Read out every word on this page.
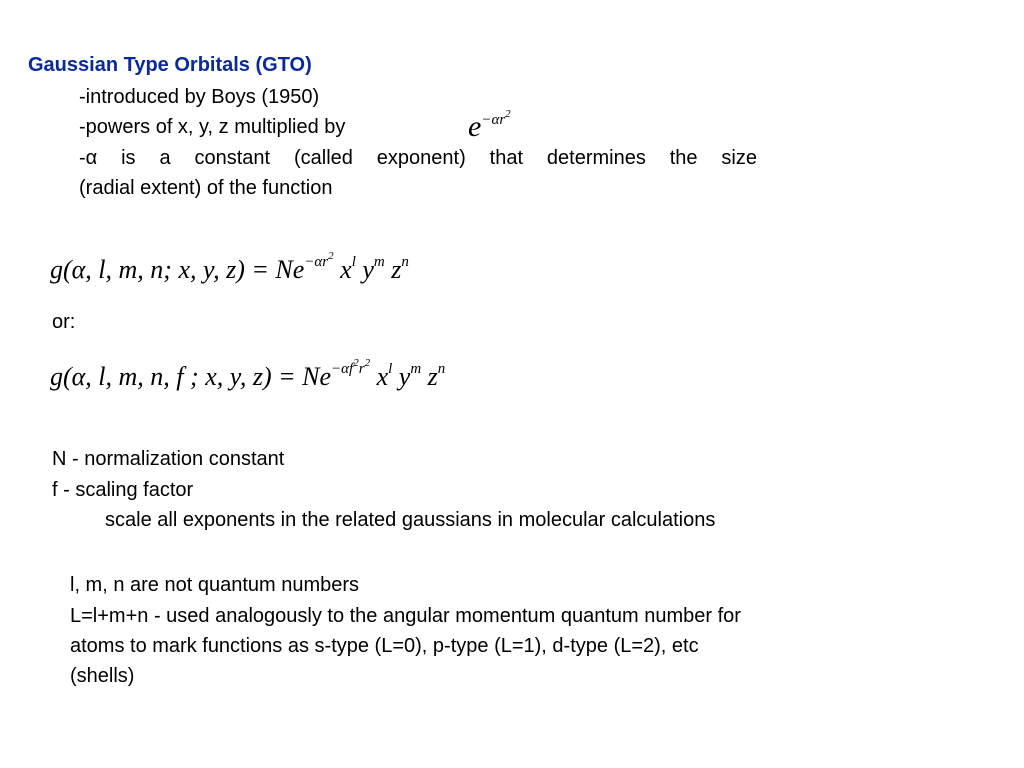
Gaussian Type Orbitals (GTO)
-introduced by Boys (1950)
-powers of x, y, z multiplied by
-α is a constant (called exponent) that determines the size
(radial extent) of the function
$e^{-\alpha r^2}$
g(α, l, m, n; x, y, $z) = Ne^{-\alpha r^2}$ $x^l$ $y^m$ $z^n$
or:
g(α, l, m, n, f ; x, y, $z) = Ne^{-\alpha f^2r^2}$ $x^l$ $y^m$ $z^n$
N - normalization constant
f - scaling factor
scale all exponents in the related gaussians in molecular calculations
l, m, n are not quantum numbers
L=l+m+n - used analogously to the angular momentum quantum number for
atoms to mark functions as s-type (L=0), p-type (L=1), d-type (L=2), etc
(shells)
